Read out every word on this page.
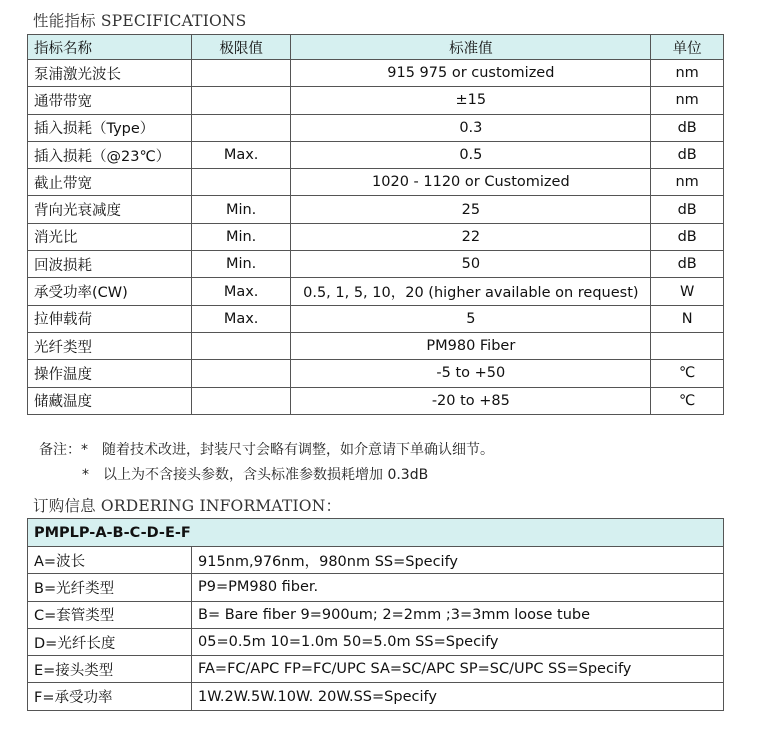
性能指标 SPECIFICATIONS
指标名称	极限值	标准值	单位
泵浦激光波长		915 975 or customized	nm
通带带宽		±15	nm
插入损耗（Type）		0.3	dB
插入损耗（@23℃）	Max.	0.5	dB
截止带宽		1020 - 1120 or Customized	nm
背向光衰减度	Min.	25	dB
消光比	Min.	22	dB
回波损耗	Min.	50	dB
承受功率(CW)	Max.	0.5, 1, 5, 10，20 (higher available on request)	W
拉伸载荷	Max.	5	N
光纤类型		PM980 Fiber	
操作温度		-5 to +50	℃
储藏温度		-20 to +85	℃
备注：*　随着技术改进，封装尺寸会略有调整，如介意请下单确认细节。
*　以上为不含接头参数，含头标准参数损耗增加 0.3dB
订购信息 ORDERING INFORMATION：
PMPLP-A-B-C-D-E-F	
A=波长	915nm,976nm，980nm SS=Specify
B=光纤类型	P9=PM980 fiber.
C=套管类型	B= Bare fiber 9=900um; 2=2mm ;3=3mm loose tube
D=光纤长度	05=0.5m 10=1.0m 50=5.0m SS=Specify
E=接头类型	FA=FC/APC FP=FC/UPC SA=SC/APC SP=SC/UPC SS=Specify
F=承受功率	1W.2W.5W.10W. 20W.SS=Specify
